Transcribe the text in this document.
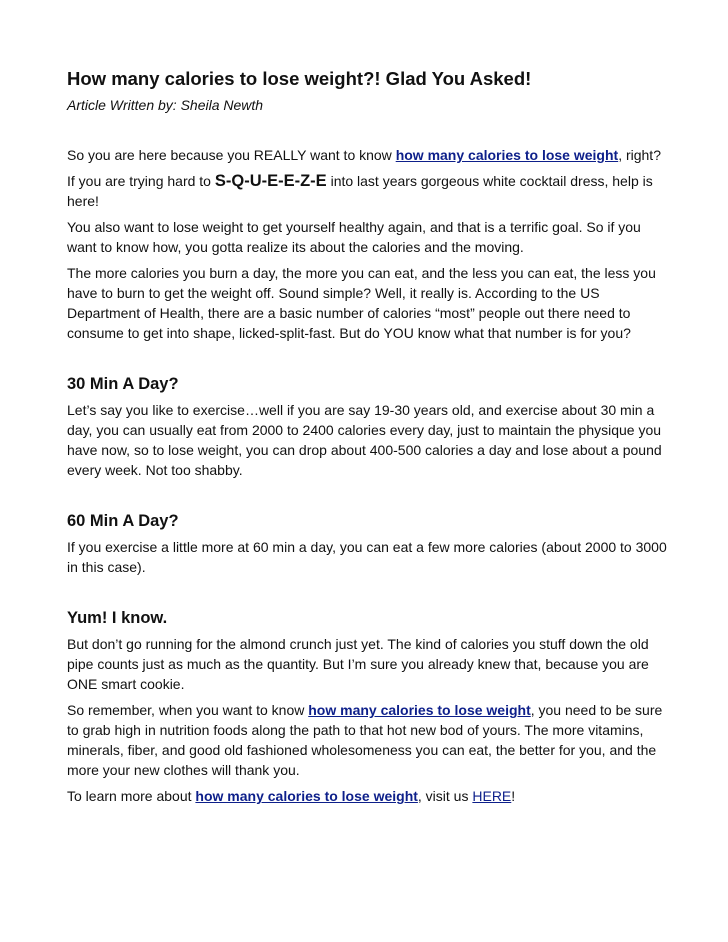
How many calories to lose weight?! Glad You Asked!
Article Written by: Sheila Newth

So you are here because you REALLY want to know how many calories to lose weight, right?

If you are trying hard to S-Q-U-E-E-Z-E into last years gorgeous white cocktail dress, help is here!

You also want to lose weight to get yourself healthy again, and that is a terrific goal. So if you want to know how, you gotta realize its about the calories and the moving.

The more calories you burn a day, the more you can eat, and the less you can eat, the less you have to burn to get the weight off. Sound simple? Well, it really is. According to the US Department of Health, there are a basic number of calories “most” people out there need to consume to get into shape, licked-split-fast. But do YOU know what that number is for you?

30 Min A Day?

Let’s say you like to exercise…well if you are say 19-30 years old, and exercise about 30 min a day, you can usually eat from 2000 to 2400 calories every day, just to maintain the physique you have now, so to lose weight, you can drop about 400-500 calories a day and lose about a pound every week. Not too shabby.

60 Min A Day?

If you exercise a little more at 60 min a day, you can eat a few more calories (about 2000 to 3000 in this case).

Yum! I know.

But don’t go running for the almond crunch just yet. The kind of calories you stuff down the old pipe counts just as much as the quantity. But I’m sure you already knew that, because you are ONE smart cookie.

So remember, when you want to know how many calories to lose weight, you need to be sure to grab high in nutrition foods along the path to that hot new bod of yours. The more vitamins, minerals, fiber, and good old fashioned wholesomeness you can eat, the better for you, and the more your new clothes will thank you.

To learn more about how many calories to lose weight, visit us HERE!
